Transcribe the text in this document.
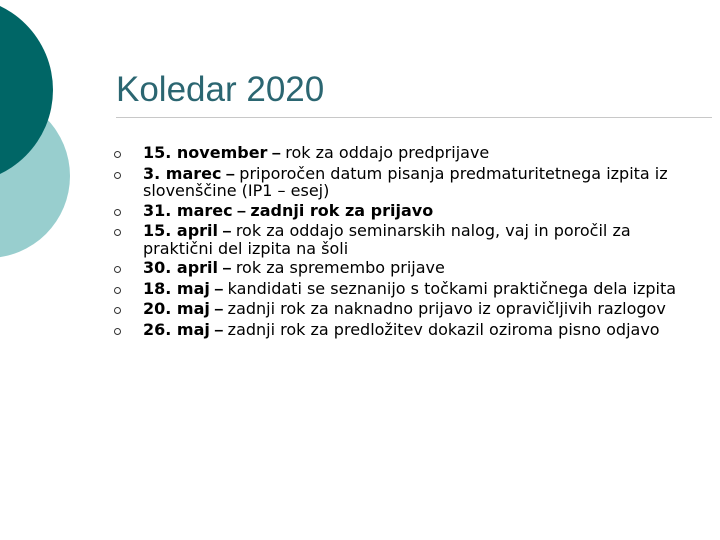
Koledar 2020
15. november – rok za oddajo predprijave
3. marec – priporočen datum pisanja predmaturitetnega izpita iz slovenščine (IP1 – esej)
31. marec – zadnji rok za prijavo
15. april – rok za oddajo seminarskih nalog, vaj in poročil za praktični del izpita na šoli
30. april – rok za spremembo prijave
18. maj – kandidati se seznanijo s točkami praktičnega dela izpita
20. maj – zadnji rok za naknadno prijavo iz opravičljivih razlogov
26. maj – zadnji rok za predložitev dokazil oziroma pisno odjavo
